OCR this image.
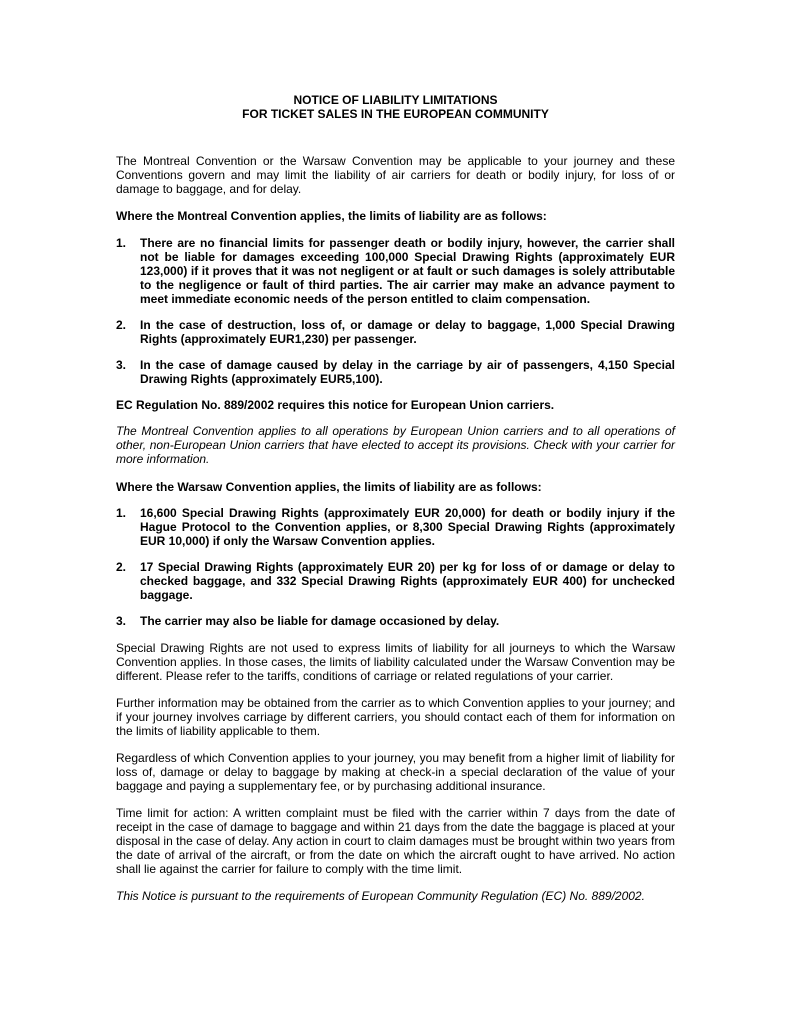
NOTICE OF LIABILITY LIMITATIONS

FOR TICKET SALES IN THE EUROPEAN COMMUNITY

The Montreal Convention or the Warsaw Convention may be applicable to your journey and these Conventions govern and may limit the liability of air carriers for death or bodily injury, for loss of or damage to baggage, and for delay.

Where the Montreal Convention applies, the limits of liability are as follows:

1. There are no financial limits for passenger death or bodily injury, however, the carrier shall not be liable for damages exceeding 100,000 Special Drawing Rights (approximately EUR 123,000) if it proves that it was not negligent or at fault or such damages is solely attributable to the negligence or fault of third parties. The air carrier may make an advance payment to meet immediate economic needs of the person entitled to claim compensation.
2. In the case of destruction, loss of, or damage or delay to baggage, 1,000 Special Drawing Rights (approximately EUR1,230) per passenger.
3. In the case of damage caused by delay in the carriage by air of passengers, 4,150 Special Drawing Rights (approximately EUR5,100).

EC Regulation No. 889/2002 requires this notice for European Union carriers.

The Montreal Convention applies to all operations by European Union carriers and to all operations of other, non-European Union carriers that have elected to accept its provisions. Check with your carrier for more information.

Where the Warsaw Convention applies, the limits of liability are as follows:

1. 16,600 Special Drawing Rights (approximately EUR 20,000) for death or bodily injury if the Hague Protocol to the Convention applies, or 8,300 Special Drawing Rights (approximately EUR 10,000) if only the Warsaw Convention applies.
2. 17 Special Drawing Rights (approximately EUR 20) per kg for loss of or damage or delay to checked baggage, and 332 Special Drawing Rights (approximately EUR 400) for unchecked baggage.
3. The carrier may also be liable for damage occasioned by delay.

Special Drawing Rights are not used to express limits of liability for all journeys to which the Warsaw Convention applies. In those cases, the limits of liability calculated under the Warsaw Convention may be different. Please refer to the tariffs, conditions of carriage or related regulations of your carrier.

Further information may be obtained from the carrier as to which Convention applies to your journey; and if your journey involves carriage by different carriers, you should contact each of them for information on the limits of liability applicable to them.

Regardless of which Convention applies to your journey, you may benefit from a higher limit of liability for loss of, damage or delay to baggage by making at check-in a special declaration of the value of your baggage and paying a supplementary fee, or by purchasing additional insurance.

Time limit for action: A written complaint must be filed with the carrier within 7 days from the date of receipt in the case of damage to baggage and within 21 days from the date the baggage is placed at your disposal in the case of delay. Any action in court to claim damages must be brought within two years from the date of arrival of the aircraft, or from the date on which the aircraft ought to have arrived. No action shall lie against the carrier for failure to comply with the time limit.

This Notice is pursuant to the requirements of European Community Regulation (EC) No. 889/2002.
